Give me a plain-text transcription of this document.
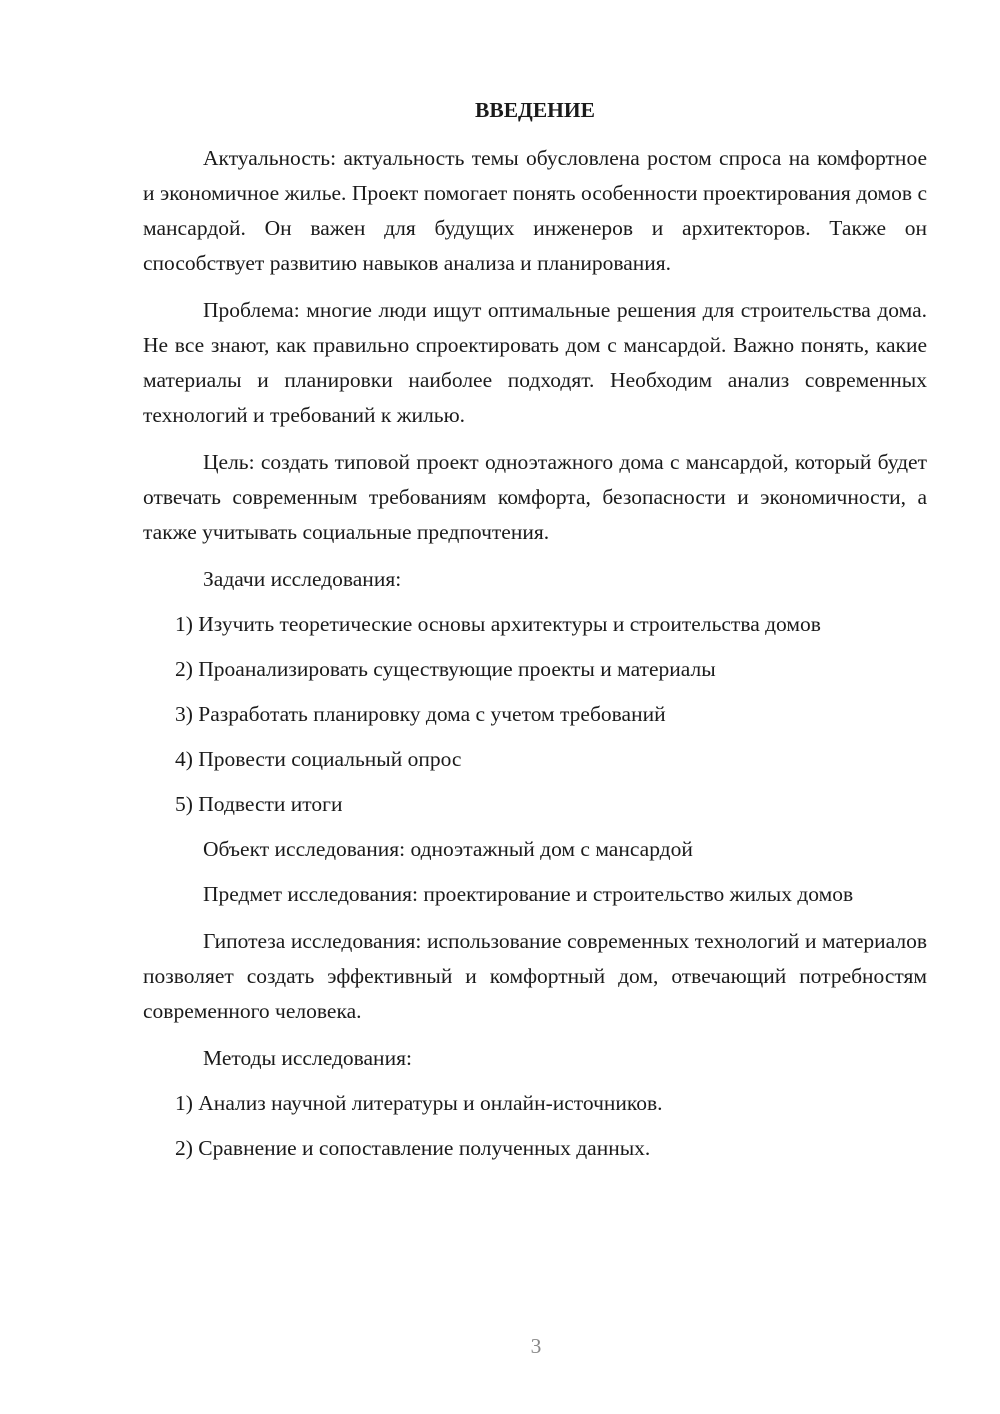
ВВЕДЕНИЕ

Актуальность: актуальность темы обусловлена ростом спроса на комфортное и экономичное жилье. Проект помогает понять особенности проектирования домов с мансардой. Он важен для будущих инженеров и архитекторов. Также он способствует развитию навыков анализа и планирования.

Проблема: многие люди ищут оптимальные решения для строительства дома. Не все знают, как правильно спроектировать дом с мансардой. Важно понять, какие материалы и планировки наиболее подходят. Необходим анализ современных технологий и требований к жилью.

Цель: создать типовой проект одноэтажного дома с мансардой, который будет отвечать современным требованиям комфорта, безопасности и экономичности, а также учитывать социальные предпочтения.

Задачи исследования:

1) Изучить теоретические основы архитектуры и строительства домов

2) Проанализировать существующие проекты и материалы

3) Разработать планировку дома с учетом требований

4) Провести социальный опрос

5) Подвести итоги

Объект исследования: одноэтажный дом с мансардой

Предмет исследования: проектирование и строительство жилых домов

Гипотеза исследования: использование современных технологий и материалов позволяет создать эффективный и комфортный дом, отвечающий потребностям современного человека.

Методы исследования:

1) Анализ научной литературы и онлайн-источников.

2) Сравнение и сопоставление полученных данных.

3
